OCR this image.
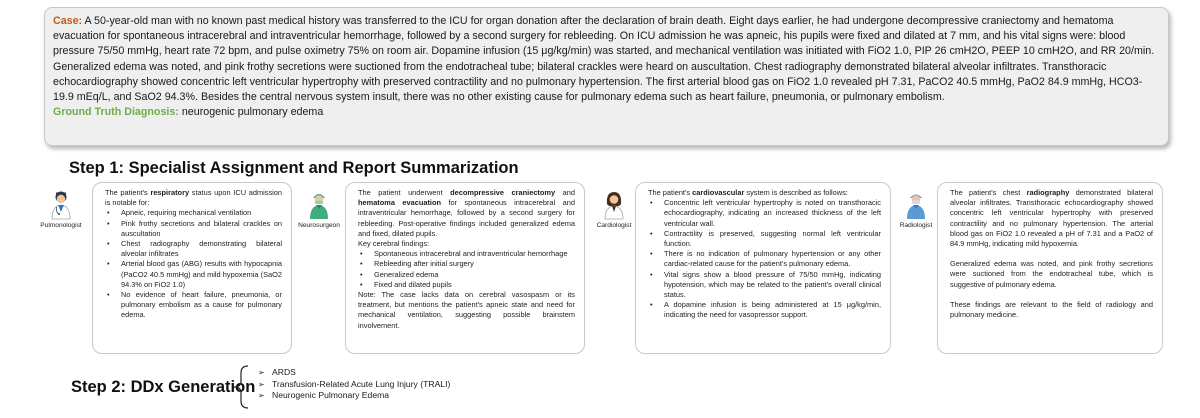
Case: A 50-year-old man with no known past medical history was transferred to the ICU for organ donation after the declaration of brain death. Eight days earlier, he had undergone decompressive craniectomy and hematoma evacuation for spontaneous intracerebral and intraventricular hemorrhage, followed by a second surgery for rebleeding. On ICU admission he was apneic, his pupils were fixed and dilated at 7 mm, and his vital signs were: blood pressure 75/50 mmHg, heart rate 72 bpm, and pulse oximetry 75% on room air. Dopamine infusion (15 μg/kg/min) was started, and mechanical ventilation was initiated with FiO2 1.0, PIP 26 cmH2O, PEEP 10 cmH2O, and RR 20/min. Generalized edema was noted, and pink frothy secretions were suctioned from the endotracheal tube; bilateral crackles were heard on auscultation. Chest radiography demonstrated bilateral alveolar infiltrates. Transthoracic echocardiography showed concentric left ventricular hypertrophy with preserved contractility and no pulmonary hypertension. The first arterial blood gas on FiO2 1.0 revealed pH 7.31, PaCO2 40.5 mmHg, PaO2 84.9 mmHg, HCO3- 19.9 mEq/L, and SaO2 94.3%. Besides the central nervous system insult, there was no other existing cause for pulmonary edema such as heart failure, pneumonia, or pulmonary embolism.
Ground Truth Diagnosis: neurogenic pulmonary edema
Step 1: Specialist Assignment and Report Summarization
Pulmonologist

The patient's respiratory status upon ICU admission is notable for:

• Apneic, requiring mechanical ventilation
• Pink frothy secretions and bilateral crackles on auscultation
• Chest radiography demonstrating bilateral alveolar infiltrates
• Arterial blood gas (ABG) results with hypocapnia (PaCO2 40.5 mmHg) and mild hypoxemia (SaO2 94.3% on FiO2 1.0)
• No evidence of heart failure, pneumonia, or pulmonary embolism as a cause for pulmonary edema.
Neurosurgeon

The patient underwent decompressive craniectomy and hematoma evacuation for spontaneous intracerebral and intraventricular hemorrhage, followed by a second surgery for rebleeding. Post-operative findings included generalized edema and fixed, dilated pupils.

Key cerebral findings:

• Spontaneous intracerebral and intraventricular hemorrhage
• Rebleeding after initial surgery
• Generalized edema
• Fixed and dilated pupils

Note: The case lacks data on cerebral vasospasm or its treatment, but mentions the patient's apneic state and need for mechanical ventilation, suggesting possible brainstem involvement.

Cardiologist

The patient's cardiovascular system is described as follows:

• Concentric left ventricular hypertrophy is noted on transthoracic echocardiography, indicating an increased thickness of the left ventricular wall.
• Contractility is preserved, suggesting normal left ventricular function.
• There is no indication of pulmonary hypertension or any other cardiac-related cause for the patient's pulmonary edema.
• Vital signs show a blood pressure of 75/50 mmHg, indicating hypotension, which may be related to the patient's overall clinical status.
• A dopamine infusion is being administered at 15 μg/kg/min, indicating the need for vasopressor support.
Radiologist

The patient's chest radiography demonstrated bilateral alveolar infiltrates. Transthoracic echocardiography showed concentric left ventricular hypertrophy with preserved contractility and no pulmonary hypertension. The arterial blood gas on FiO2 1.0 revealed a pH of 7.31 and a PaO2 of 84.9 mmHg, indicating mild hypoxemia.

Generalized edema was noted, and pink frothy secretions were suctioned from the endotracheal tube, which is suggestive of pulmonary edema.

These findings are relevant to the field of radiology and pulmonary medicine.

Step 2: DDx Generation
➢ ARDS
➢ Transfusion-Related Acute Lung Injury (TRALI)
➢ Neurogenic Pulmonary Edema
